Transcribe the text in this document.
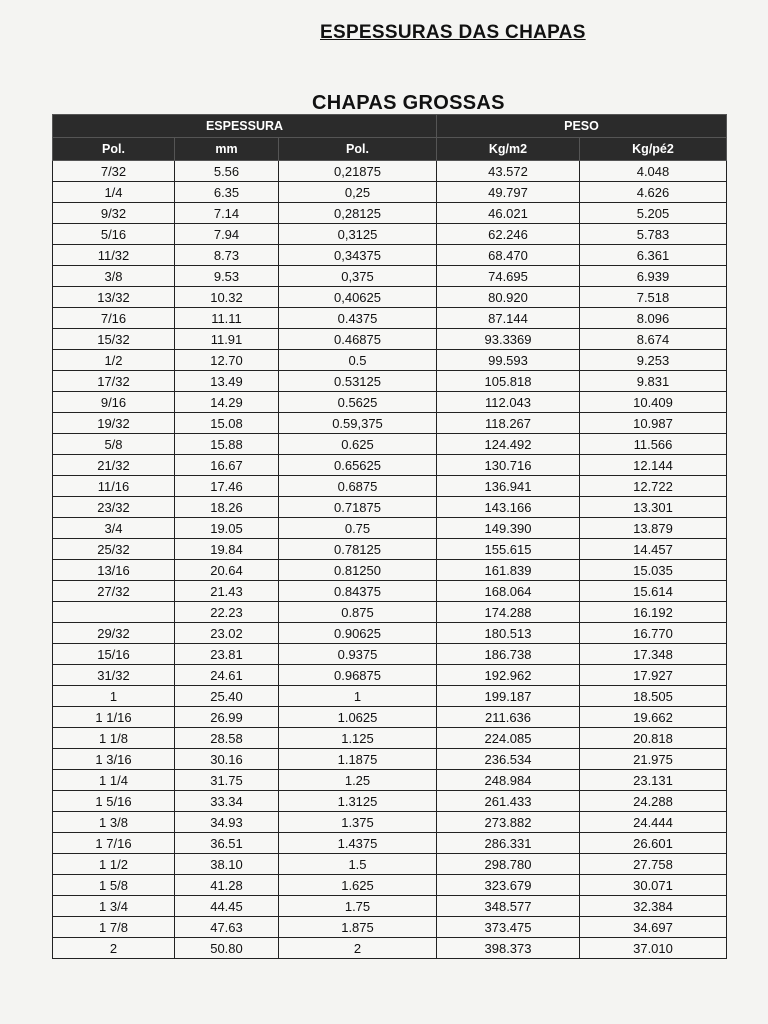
ESPESSURAS DAS CHAPAS
CHAPAS GROSSAS
ESPESSURA			PESO	
Pol.	mm	Pol.	Kg/m2	Kg/pé2
7/32	5.56	0,21875	43.572	4.048
1/4	6.35	0,25	49.797	4.626
9/32	7.14	0,28125	46.021	5.205
5/16	7.94	0,3125	62.246	5.783
11/32	8.73	0,34375	68.470	6.361
3/8	9.53	0,375	74.695	6.939
13/32	10.32	0,40625	80.920	7.518
7/16	11.11	0.4375	87.144	8.096
15/32	11.91	0.46875	93.3369	8.674
1/2	12.70	0.5	99.593	9.253
17/32	13.49	0.53125	105.818	9.831
9/16	14.29	0.5625	112.043	10.409
19/32	15.08	0.59,375	118.267	10.987
5/8	15.88	0.625	124.492	11.566
21/32	16.67	0.65625	130.716	12.144
11/16	17.46	0.6875	136.941	12.722
23/32	18.26	0.71875	143.166	13.301
3/4	19.05	0.75	149.390	13.879
25/32	19.84	0.78125	155.615	14.457
13/16	20.64	0.81250	161.839	15.035
27/32	21.43	0.84375	168.064	15.614
	22.23	0.875	174.288	16.192
29/32	23.02	0.90625	180.513	16.770
15/16	23.81	0.9375	186.738	17.348
31/32	24.61	0.96875	192.962	17.927
1	25.40	1	199.187	18.505
1 1/16	26.99	1.0625	211.636	19.662
1 1/8	28.58	1.125	224.085	20.818
1 3/16	30.16	1.1875	236.534	21.975
1 1/4	31.75	1.25	248.984	23.131
1 5/16	33.34	1.3125	261.433	24.288
1 3/8	34.93	1.375	273.882	24.444
1 7/16	36.51	1.4375	286.331	26.601
1 1/2	38.10	1.5	298.780	27.758
1 5/8	41.28	1.625	323.679	30.071
1 3/4	44.45	1.75	348.577	32.384
1 7/8	47.63	1.875	373.475	34.697
2	50.80	2	398.373	37.010
